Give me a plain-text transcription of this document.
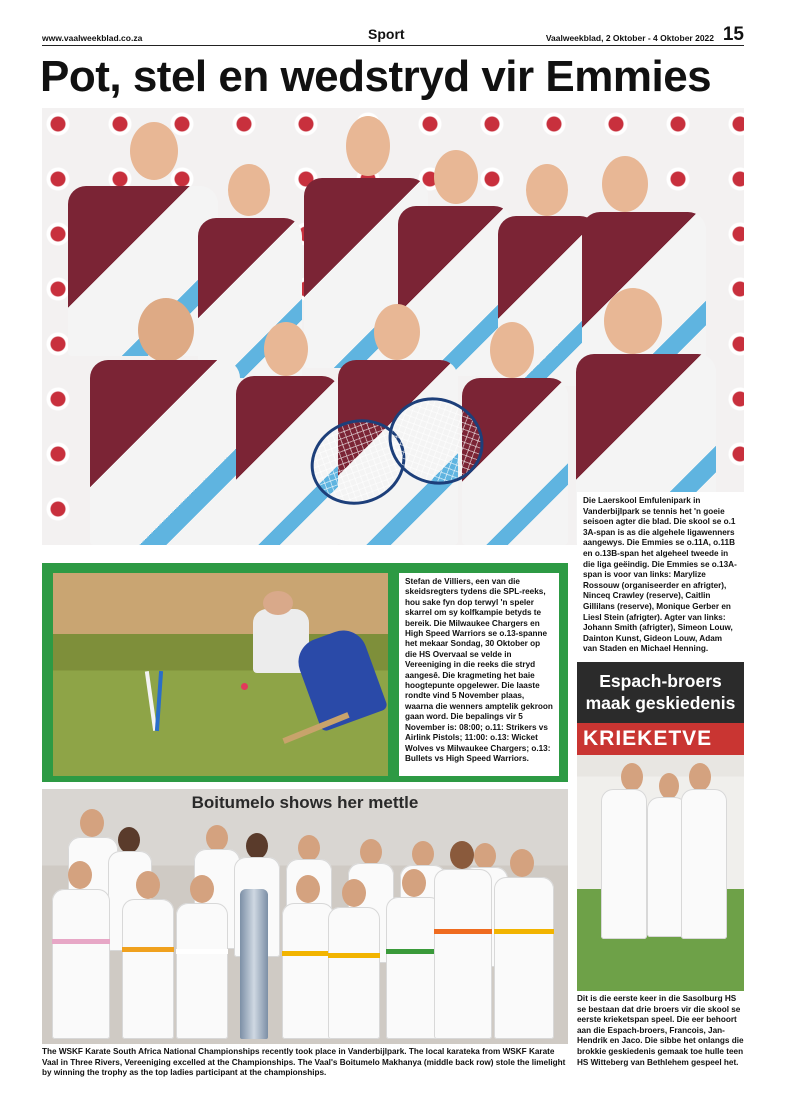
www.vaalweekblad.co.za	Sport	Vaalweekblad, 2 Oktober - 4 Oktober 2022 15
Pot, stel en wedstryd vir Emmies
Die Laerskool Emfulenipark in Vanderbijlpark se tennis het 'n goeie seisoen agter die blad. Die skool se o.1 3A-span is as die algehele ligawenners aangewys. Die Emmies se o.11A, o.11B en o.13B-span het algeheel tweede in die liga geëindig. Die Emmies se o.13A-span is voor van links: Marylize Rossouw (organiseerder en afrigter), Ninceq Crawley (reserve), Caitlin Gillilans (reserve), Monique Gerber en Liesl Stein (afrigter). Agter van links: Johann Smith (afrigter), Simeon Louw, Dainton Kunst, Gideon Louw, Adam van Staden en Michael Henning.
Stefan de Villiers, een van die skeidsregters tydens die SPL-reeks, hou sake fyn dop terwyl 'n speler skarrel om sy kolfkampie betyds te bereik. Die Milwaukee Chargers en High Speed Warriors se o.13-spanne het mekaar Sondag, 30 Oktober op die HS Overvaal se velde in Vereeniging in die reeks die stryd aangesê. Die kragmeting het baie hoogtepunte opgelewer. Die laaste rondte vind 5 November plaas, waarna die wenners amptelik gekroon gaan word. Die bepalings vir 5 November is: 08:00; o.11: Strikers vs Airlink Pistols; 11:00: o.13: Wicket Wolves vs Milwaukee Chargers; o.13: Bullets vs High Speed Warriors.
Espach-broers
maak geskiedenis
KRIEKETVE
Dit is die eerste keer in die Sasolburg HS se bestaan dat drie broers vir die skool se eerste krieketspan speel. Die eer behoort aan die Espach-broers, Francois, Jan-Hendrik en Jaco. Die sibbe het onlangs die brokkie geskiedenis gemaak toe hulle teen HS Witteberg van Bethlehem gespeel het.
Boitumelo shows her mettle
The WSKF Karate South Africa National Championships recently took place in Vanderbijlpark. The local karateka from WSKF Karate Vaal in Three Rivers, Vereeniging excelled at the Championships. The Vaal's Boitumelo Makhanya (middle back row) stole the limelight by winning the trophy as the top ladies participant at the championships.
